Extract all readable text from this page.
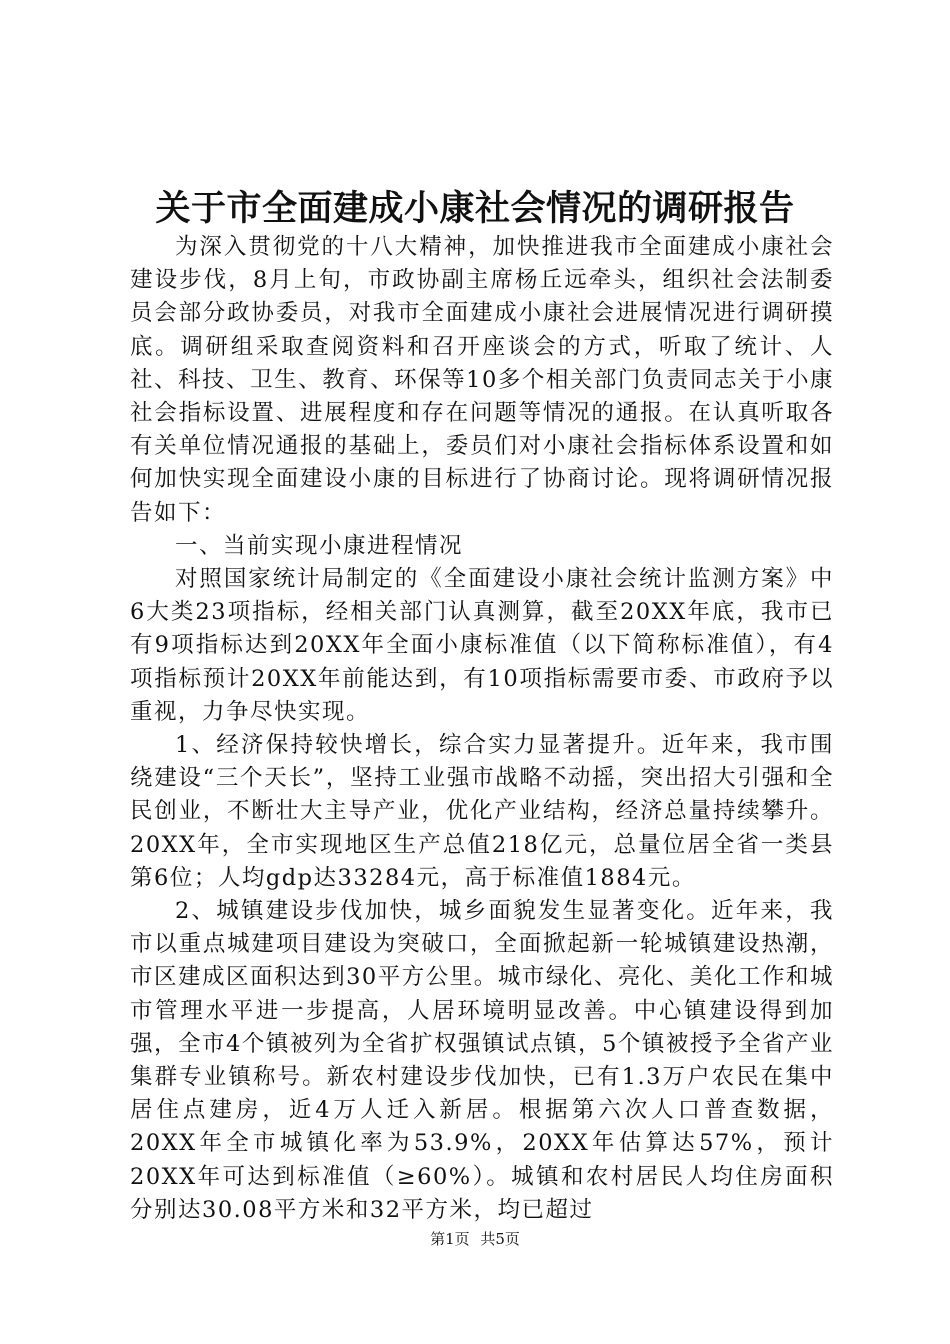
关于市全面建成小康社会情况的调研报告

为深入贯彻党的十八大精神，加快推进我市全面建成小康社会建设步伐，8月上旬，市政协副主席杨丘远牵头，组织社会法制委员会部分政协委员，对我市全面建成小康社会进展情况进行调研摸底。调研组采取查阅资料和召开座谈会的方式，听取了统计、人社、科技、卫生、教育、环保等10多个相关部门负责同志关于小康社会指标设置、进展程度和存在问题等情况的通报。在认真听取各有关单位情况通报的基础上，委员们对小康社会指标体系设置和如何加快实现全面建设小康的目标进行了协商讨论。现将调研情况报告如下：

一、当前实现小康进程情况

对照国家统计局制定的《全面建设小康社会统计监测方案》中6大类23项指标，经相关部门认真测算，截至20XX年底，我市已有9项指标达到20XX年全面小康标准值（以下简称标准值），有4项指标预计20XX年前能达到，有10项指标需要市委、市政府予以重视，力争尽快实现。

1、经济保持较快增长，综合实力显著提升。近年来，我市围绕建设“三个天长”，坚持工业强市战略不动摇，突出招大引强和全民创业，不断壮大主导产业，优化产业结构，经济总量持续攀升。20XX年，全市实现地区生产总值218亿元，总量位居全省一类县第6位；人均gdp达33284元，高于标准值1884元。

2、城镇建设步伐加快，城乡面貌发生显著变化。近年来，我市以重点城建项目建设为突破口，全面掀起新一轮城镇建设热潮，市区建成区面积达到30平方公里。城市绿化、亮化、美化工作和城市管理水平进一步提高，人居环境明显改善。中心镇建设得到加强，全市4个镇被列为全省扩权强镇试点镇，5个镇被授予全省产业集群专业镇称号。新农村建设步伐加快，已有1.3万户农民在集中居住点建房，近4万人迁入新居。根据第六次人口普查数据，20XX年全市城镇化率为53.9%，20XX年估算达57%，预计20XX年可达到标准值（≥60%）。城镇和农村居民人均住房面积分别达30.08平方米和32平方米，均已超过

第1页 共5页
